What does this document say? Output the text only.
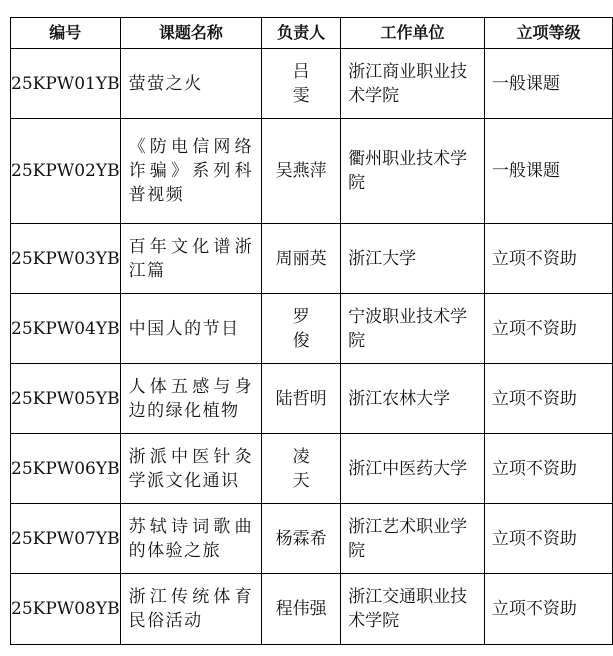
编号	课题名称	负责人	工作单位	立项等级
25KPW01YB	萤萤之火	吕 雯	浙江商业职业技术学院	一般课题
25KPW02YB	《防电信网络诈骗》系列科普视频	吴燕萍	衢州职业技术学院	一般课题
25KPW03YB	百年文化谱浙江篇	周丽英	浙江大学	立项不资助
25KPW04YB	中国人的节日	罗 俊	宁波职业技术学院	立项不资助
25KPW05YB	人体五感与身边的绿化植物	陆哲明	浙江农林大学	立项不资助
25KPW06YB	浙派中医针灸学派文化通识	凌 天	浙江中医药大学	立项不资助
25KPW07YB	苏轼诗词歌曲的体验之旅	杨霖希	浙江艺术职业学院	立项不资助
25KPW08YB	浙江传统体育民俗活动	程伟强	浙江交通职业技术学院	立项不资助
